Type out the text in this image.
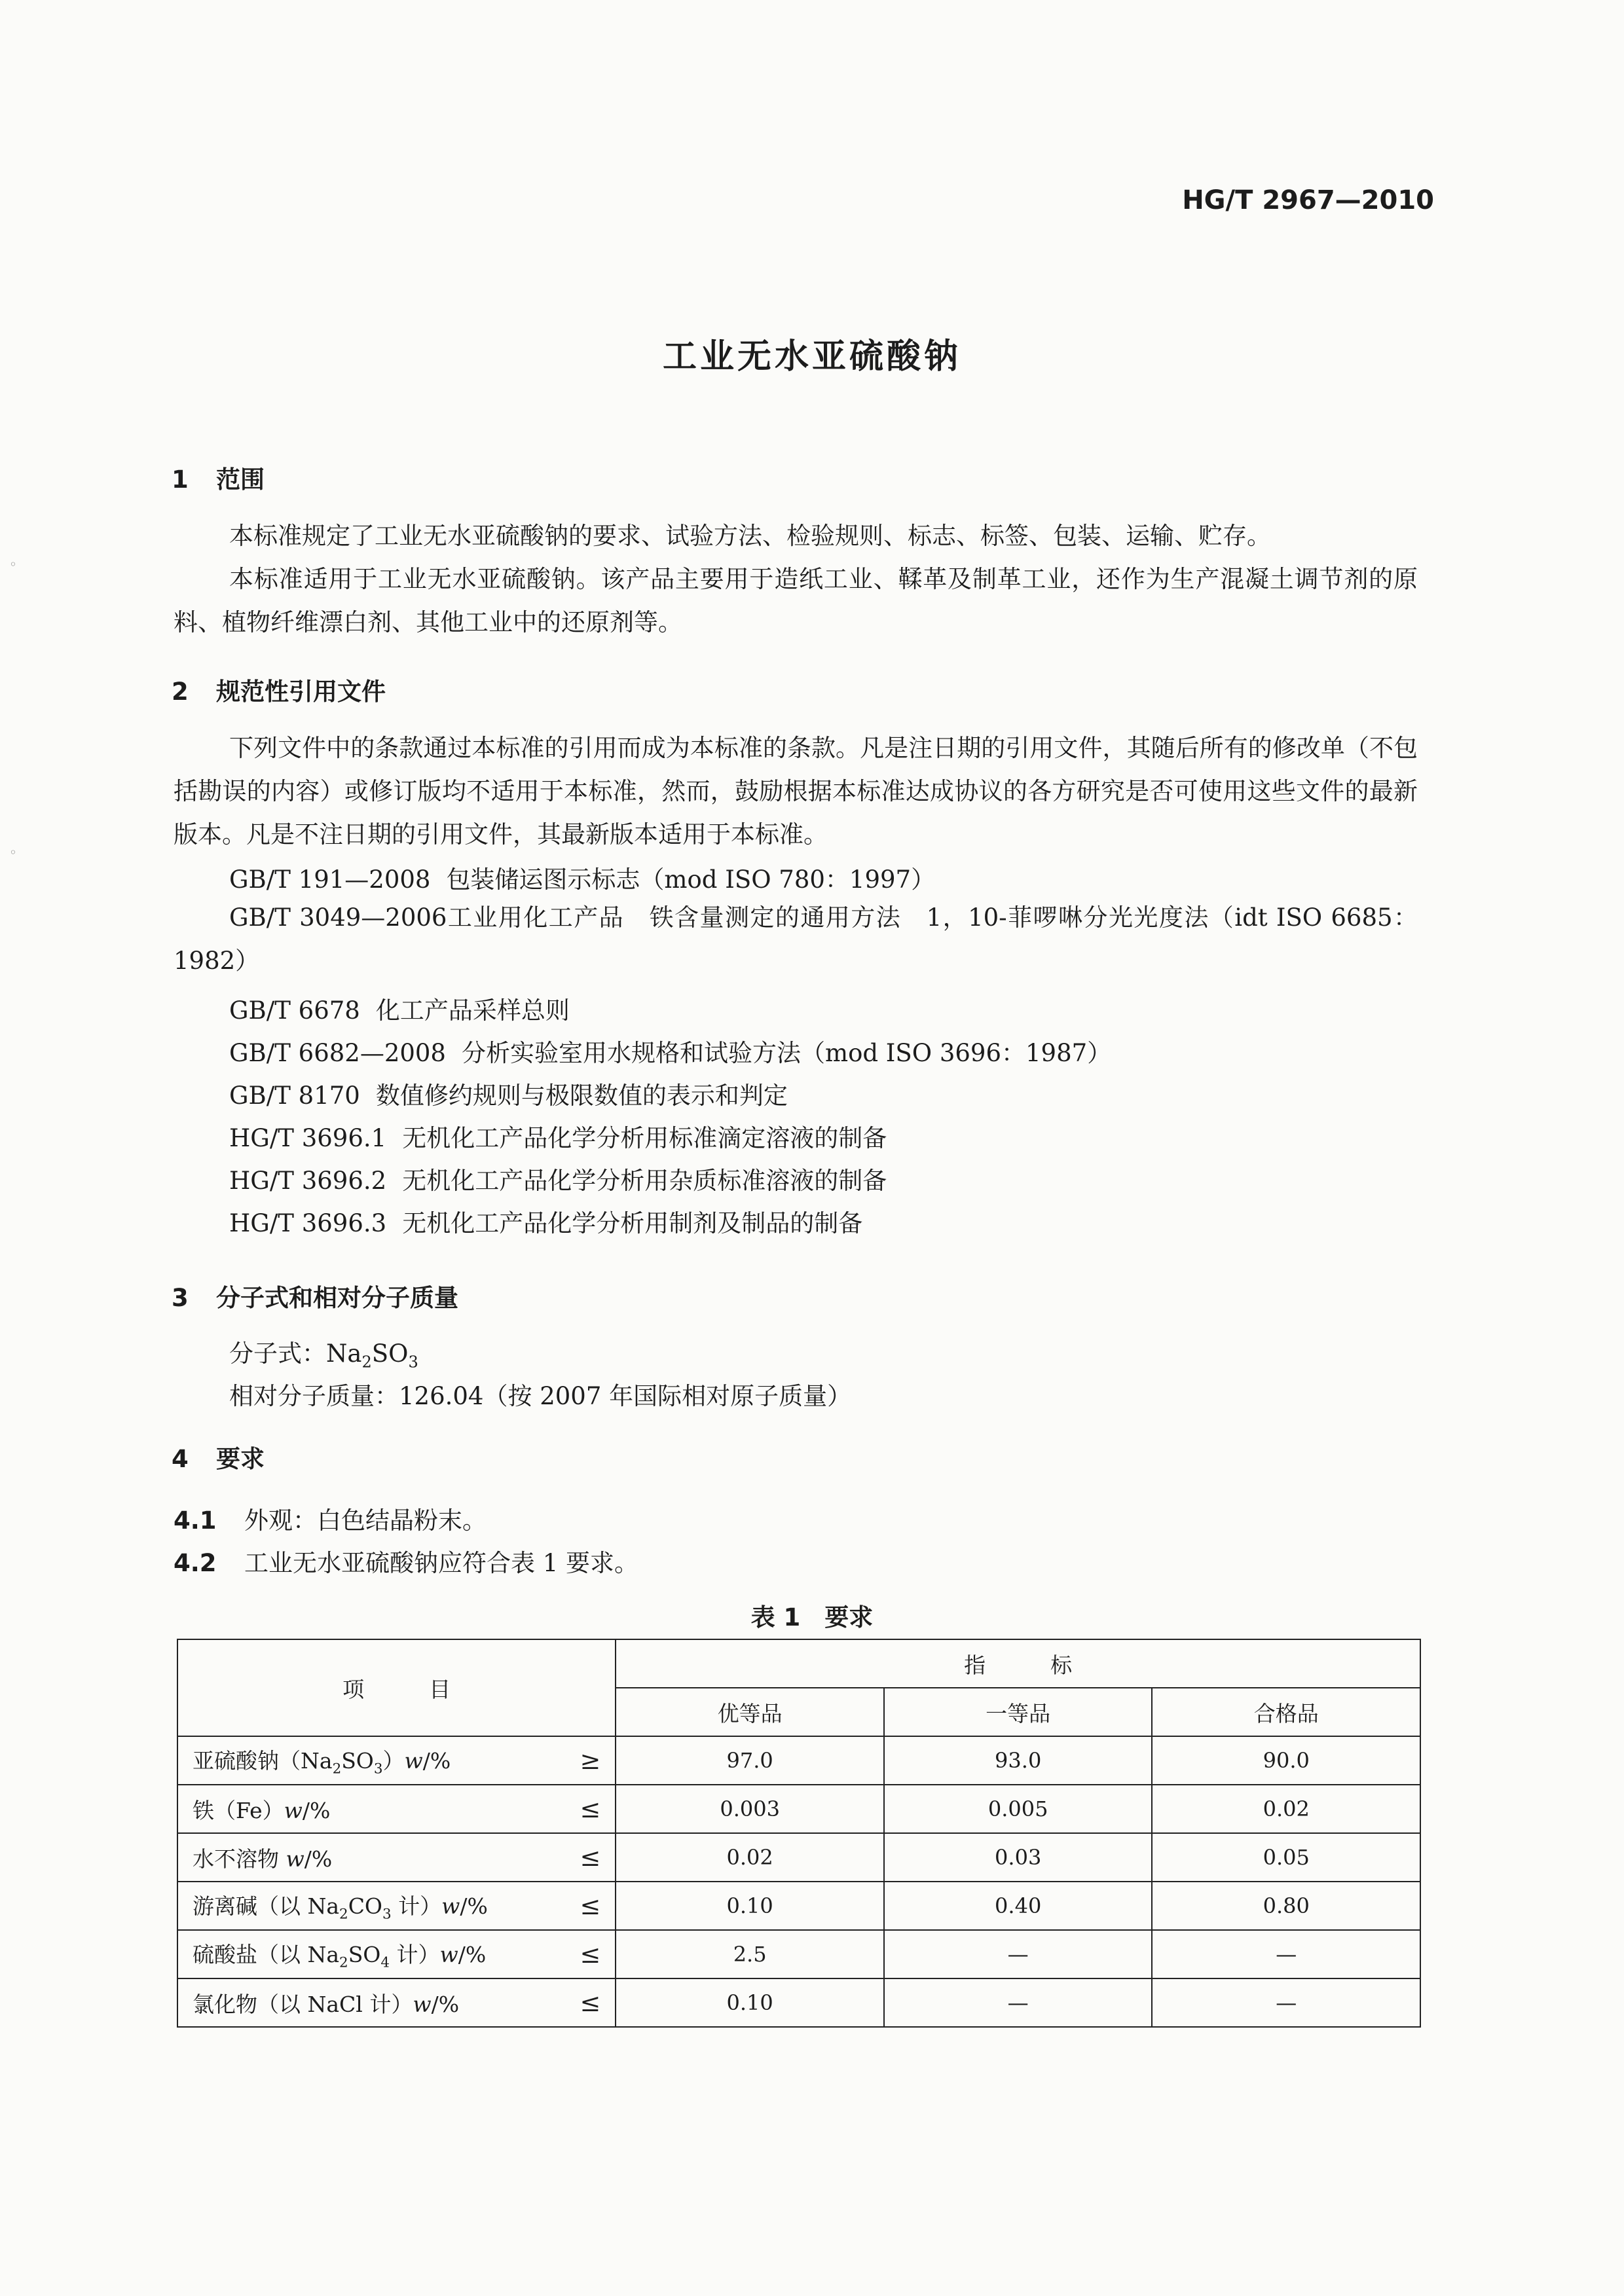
HG/T 2967—2010
工业无水亚硫酸钠
1 范围
本标准规定了工业无水亚硫酸钠的要求、试验方法、检验规则、标志、标签、包装、运输、贮存。
本标准适用于工业无水亚硫酸钠。该产品主要用于造纸工业、鞣革及制革工业，还作为生产混凝土调节剂的原料、植物纤维漂白剂、其他工业中的还原剂等。
2 规范性引用文件
下列文件中的条款通过本标准的引用而成为本标准的条款。凡是注日期的引用文件，其随后所有的修改单（不包括勘误的内容）或修订版均不适用于本标准，然而，鼓励根据本标准达成协议的各方研究是否可使用这些文件的最新版本。凡是不注日期的引用文件，其最新版本适用于本标准。
GB/T 191—2008 包装储运图示标志（mod ISO 780：1997）
GB/T 3049—2006工业用化工产品　铁含量测定的通用方法　1，10-菲啰啉分光光度法（idt ISO 6685：1982）
GB/T 6678 化工产品采样总则
GB/T 6682—2008 分析实验室用水规格和试验方法（mod ISO 3696：1987）
GB/T 8170 数值修约规则与极限数值的表示和判定
HG/T 3696.1 无机化工产品化学分析用标准滴定溶液的制备
HG/T 3696.2 无机化工产品化学分析用杂质标准溶液的制备
HG/T 3696.3 无机化工产品化学分析用制剂及制品的制备
3 分子式和相对分子质量
分子式：$Na_2SO_3$
相对分子质量：126.04（按 2007 年国际相对原子质量）
4 要求
4.1 外观：白色结晶粉末。
4.2 工业无水亚硫酸钠应符合表 1 要求。
表 1　要求
项　　　目	指　　　标		
	优等品	一等品	合格品
亚硫酸钠$(Na_2SO_3)w/\%$ ≥	97.0	93.0	90.0
铁（Fe）w/% ≤	0.003	0.005	0.02
水不溶物 w/% ≤	0.02	0.03	0.05
游离碱（以 $Na_2CO_3$ 计）w/% ≤	0.10	0.40	0.80
硫酸盐（以 $Na_2SO_4$ 计）w/% ≤	2.5	—	—
氯化物（以 NaCl 计）w/% ≤	0.10	—	—
◦
◦
